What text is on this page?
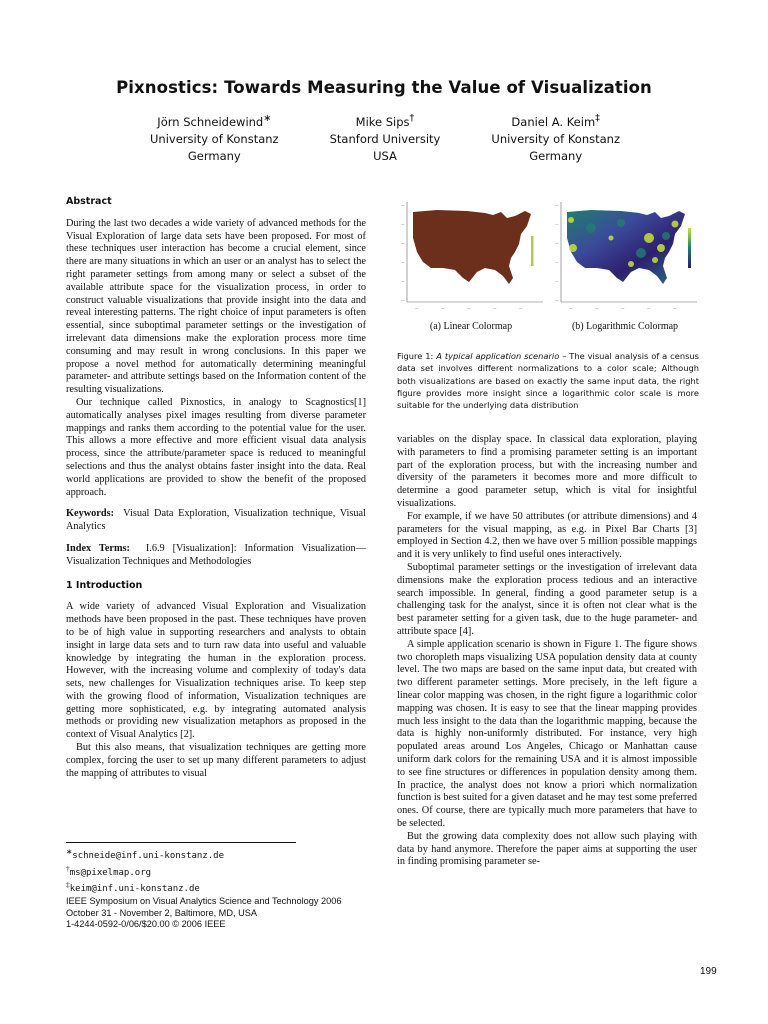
Pixnostics: Towards Measuring the Value of Visualization
Jörn Schneidewind∗
University of Konstanz
Germany
Mike Sips†
Stanford University
USA
Daniel A. Keim‡
University of Konstanz
Germany
Abstract

During the last two decades a wide variety of advanced methods for the Visual Exploration of large data sets have been proposed. For most of these techniques user interaction has become a crucial element, since there are many situations in which an user or an analyst has to select the right parameter settings from among many or select a subset of the available attribute space for the visualization process, in order to construct valuable visualizations that provide insight into the data and reveal interesting patterns. The right choice of input parameters is often essential, since suboptimal parameter settings or the investigation of irrelevant data dimensions make the exploration process more time consuming and may result in wrong conclusions. In this paper we propose a novel method for automatically determining meaningful parameter- and attribute settings based on the Information content of the resulting visualizations.

Our technique called Pixnostics, in analogy to Scagnostics[1] automatically analyses pixel images resulting from diverse parameter mappings and ranks them according to the potential value for the user. This allows a more effective and more efficient visual data analysis process, since the attribute/parameter space is reduced to meaningful selections and thus the analyst obtains faster insight into the data. Real world applications are provided to show the benefit of the proposed approach.

Keywords: Visual Data Exploration, Visualization technique, Visual Analytics
Index Terms: I.6.9 [Visualization]: Information Visualization—Visualization Techniques and Methodologies
1 Introduction

A wide variety of advanced Visual Exploration and Visualization methods have been proposed in the past. These techniques have proven to be of high value in supporting researchers and analysts to obtain insight in large data sets and to turn raw data into useful and valuable knowledge by integrating the human in the exploration process. However, with the increasing volume and complexity of today's data sets, new challenges for Visualization techniques arise. To keep step with the growing flood of information, Visualization techniques are getting more sophisticated, e.g. by integrating automated analysis methods or providing new visualization metaphors as proposed in the context of Visual Analytics [2].

But this also means, that visualization techniques are getting more complex, forcing the user to set up many different parameters to adjust the mapping of attributes to visual

∗schneide@inf.uni-konstanz.de
†ms@pixelmap.org
‡keim@inf.uni-konstanz.de
IEEE Symposium on Visual Analytics Science and Technology 2006
October 31 - November 2, Baltimore, MD, USA
1-4244-0592-0/06/$20.00 © 2006 IEEE
—
—
—
—
—
—
—	—	—	—	—
(a) Linear Colormap
—
—
—
—
—
—
—	—	—	—	—
(b) Logarithmic Colormap
Figure 1: A typical application scenario – The visual analysis of a census data set involves different normalizations to a color scale; Although both visualizations are based on exactly the same input data, the right figure provides more insight since a logarithmic color scale is more suitable for the underlying data distribution

variables on the display space. In classical data exploration, playing with parameters to find a promising parameter setting is an important part of the exploration process, but with the increasing number and diversity of the parameters it becomes more and more difficult to determine a good parameter setup, which is vital for insightful visualizations.

For example, if we have 50 attributes (or attribute dimensions) and 4 parameters for the visual mapping, as e.g. in Pixel Bar Charts [3] employed in Section 4.2, then we have over 5 million possible mappings and it is very unlikely to find useful ones interactively.

Suboptimal parameter settings or the investigation of irrelevant data dimensions make the exploration process tedious and an interactive search impossible. In general, finding a good parameter setup is a challenging task for the analyst, since it is often not clear what is the best parameter setting for a given task, due to the huge parameter- and attribute space [4].

A simple application scenario is shown in Figure 1. The figure shows two choropleth maps visualizing USA population density data at county level. The two maps are based on the same input data, but created with two different parameter settings. More precisely, in the left figure a linear color mapping was chosen, in the right figure a logarithmic color mapping was chosen. It is easy to see that the linear mapping provides much less insight to the data than the logarithmic mapping, because the data is highly non-uniformly distributed. For instance, very high populated areas around Los Angeles, Chicago or Manhattan cause uniform dark colors for the remaining USA and it is almost impossible to see fine structures or differences in population density among them. In practice, the analyst does not know a priori which normalization function is best suited for a given dataset and he may test some preferred ones. Of course, there are typically much more parameters that have to be selected.

But the growing data complexity does not allow such playing with data by hand anymore. Therefore the paper aims at supporting the user in finding promising parameter se-

199
